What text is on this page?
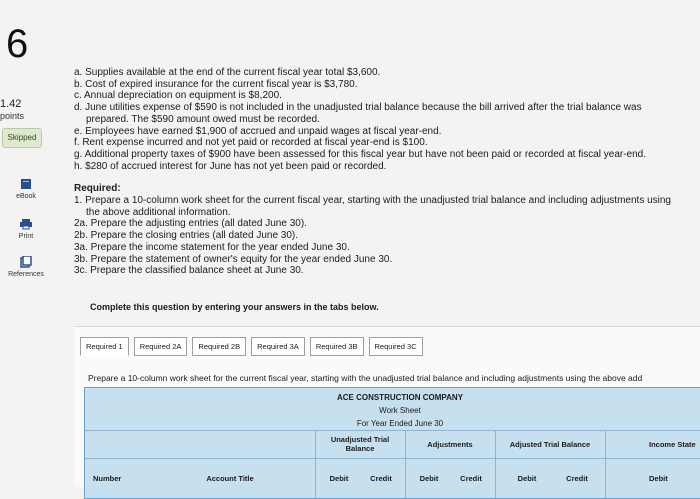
6
1.42
points
Skipped
eBook
Print
References

a. Supplies available at the end of the current fiscal year total $3,600.

b. Cost of expired insurance for the current fiscal year is $3,780.

c. Annual depreciation on equipment is $8,200.

d. June utilities expense of $590 is not included in the unadjusted trial balance because the bill arrived after the trial balance was

prepared. The $590 amount owed must be recorded.

e. Employees have earned $1,900 of accrued and unpaid wages at fiscal year-end.

f. Rent expense incurred and not yet paid or recorded at fiscal year-end is $100.

g. Additional property taxes of $900 have been assessed for this fiscal year but have not been paid or recorded at fiscal year-end.

h. $280 of accrued interest for June has not yet been paid or recorded.

Required:

1. Prepare a 10-column work sheet for the current fiscal year, starting with the unadjusted trial balance and including adjustments using

the above additional information.

2a. Prepare the adjusting entries (all dated June 30).

2b. Prepare the closing entries (all dated June 30).

3a. Prepare the income statement for the year ended June 30.

3b. Prepare the statement of owner's equity for the year ended June 30.

3c. Prepare the classified balance sheet at June 30.

Complete this question by entering your answers in the tabs below.
Required 1	Required 2A	Required 2B	Required 3A	Required 3B	Required 3C
Prepare a 10-column work sheet for the current fiscal year, starting with the unadjusted trial balance and including adjustments using the above add
ACE CONSTRUCTION COMPANY
Work Sheet
For Year Ended June 30
Unadjusted Trial
Balance	Adjustments	Adjusted Trial Balance	Income State
Number	Account Title	Debit	Credit	Debit	Credit	Debit	Credit	Debit
